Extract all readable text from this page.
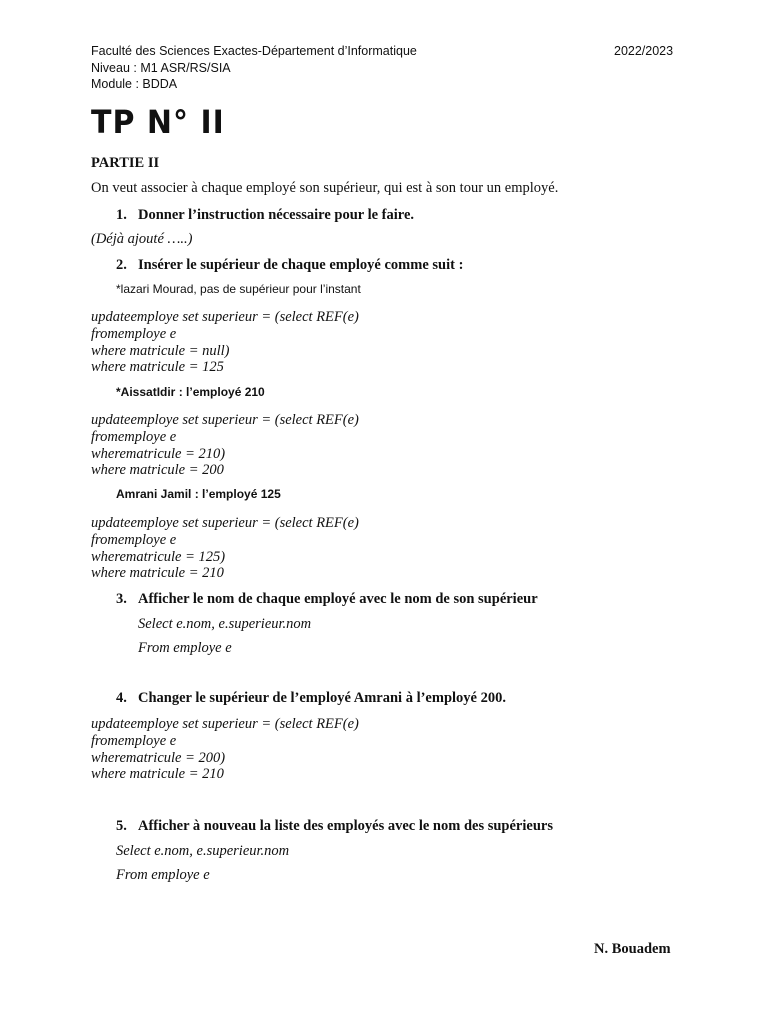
Faculté des Sciences Exactes-Département d’Informatique	2022/2023
Niveau : M1 ASR/RS/SIA
Module : BDDA
TP N° II
PARTIE II
On veut associer à chaque employé son supérieur, qui est à son tour un employé.
1. Donner l’instruction nécessaire pour le faire.
(Déjà ajouté …..)
2. Insérer le supérieur de chaque employé comme suit :
*lazari Mourad, pas de supérieur pour l’instant
updateemploye set superieur = (select REF(e)
fromemploye e
where matricule = null)
where matricule = 125
*AissatIdir : l’employé 210
updateemploye set superieur = (select REF(e)
fromemploye e
wherematricule = 210)
where matricule = 200
Amrani Jamil : l’employé 125
updateemploye set superieur = (select REF(e)
fromemploye e
wherematricule = 125)
where matricule = 210
3. Afficher le nom de chaque employé avec le nom de son supérieur
Select e.nom, e.superieur.nom
From employe e
4. Changer le supérieur de l’employé Amrani à l’employé 200.
updateemploye set superieur = (select REF(e)
fromemploye e
wherematricule = 200)
where matricule = 210
5. Afficher à nouveau la liste des employés avec le nom des supérieurs
Select e.nom, e.superieur.nom
From employe e
N. Bouadem
